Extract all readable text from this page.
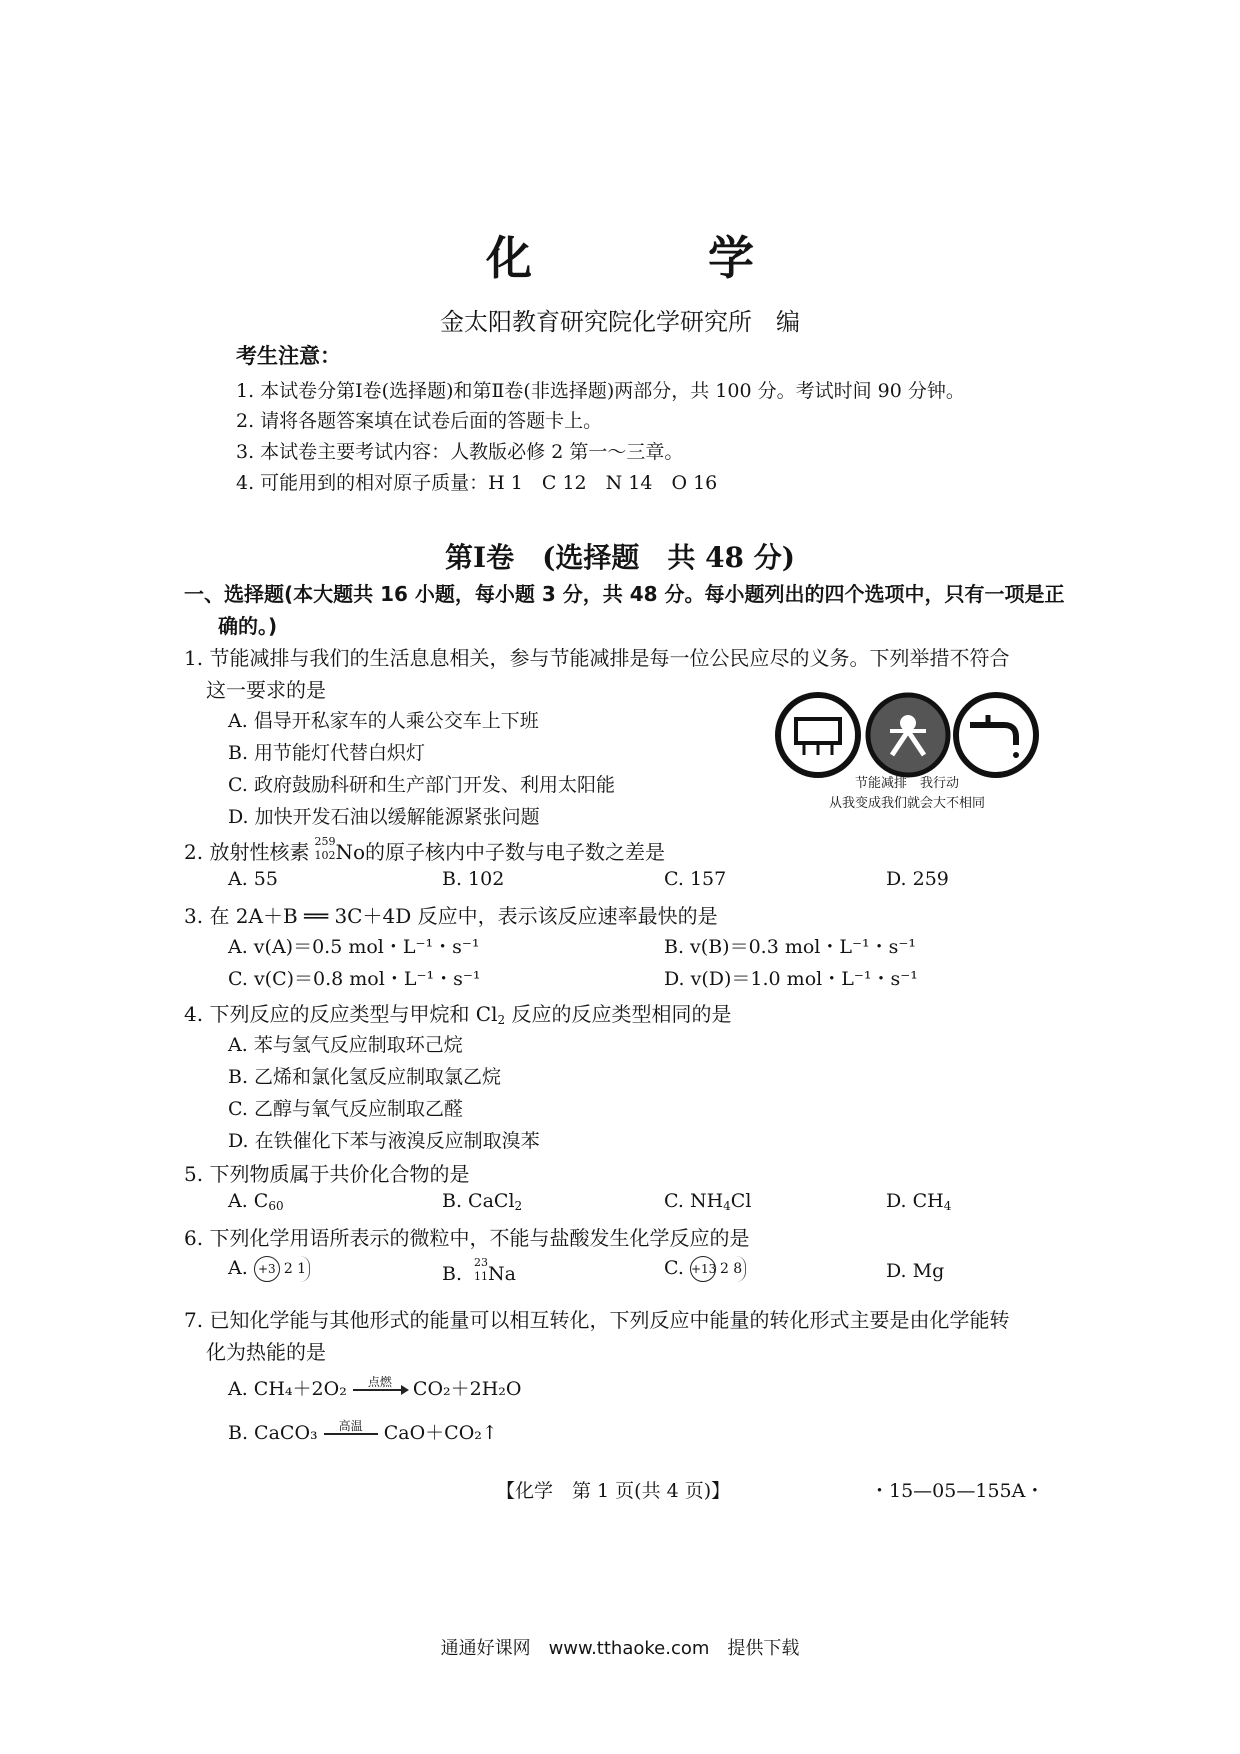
化 学
金太阳教育研究院化学研究所　编
考生注意：
1. 本试卷分第Ⅰ卷(选择题)和第Ⅱ卷(非选择题)两部分，共 100 分。考试时间 90 分钟。
2. 请将各题答案填在试卷后面的答题卡上。
3. 本试卷主要考试内容：人教版必修 2 第一～三章。
4. 可能用到的相对原子质量：H 1　C 12　N 14　O 16
第Ⅰ卷　(选择题　共 48 分)
一、选择题(本大题共 16 小题，每小题 3 分，共 48 分。每小题列出的四个选项中，只有一项是正
确的。)
1. 节能减排与我们的生活息息相关，参与节能减排是每一位公民应尽的义务。下列举措不符合
这一要求的是
A. 倡导开私家车的人乘公交车上下班
B. 用节能灯代替白炽灯
C. 政府鼓励科研和生产部门开发、利用太阳能
D. 加快开发石油以缓解能源紧张问题
节能减排　我行动
从我变成我们就会大不相同
2. 放射性核素 259
102 No的原子核内中子数与电子数之差是
A. 55	B. 102	C. 157	D. 259
3. 在 2A＋B ══ 3C＋4D 反应中，表示该反应速率最快的是
A. v(A)＝0.5 mol・L⁻¹・s⁻¹	B. v(B)＝0.3 mol・L⁻¹・s⁻¹
C. v(C)＝0.8 mol・L⁻¹・s⁻¹	D. v(D)＝1.0 mol・L⁻¹・s⁻¹
4. 下列反应的反应类型与甲烷和 $Cl_2$ 反应的反应类型相同的是
A. 苯与氢气反应制取环己烷
B. 乙烯和氯化氢反应制取氯乙烷
C. 乙醇与氧气反应制取乙醛
D. 在铁催化下苯与液溴反应制取溴苯
5. 下列物质属于共价化合物的是
A. $C_{60}$	B. CaCl$_2$	C. $NH_4Cl$	D. $CH_4$
6. 下列化学用语所表示的微粒中，不能与盐酸发生化学反应的是
A. +3 2 1	B.
23
11 Na	C. +13 2 8	D. Mg
7. 已知化学能与其他形式的能量可以相互转化，下列反应中能量的转化形式主要是由化学能转
化为热能的是
A. CH₄＋2O₂	点燃
	CO₂＋2H₂O
B. CaCO₃	高温
	CaO＋CO₂↑
【化学　第 1 页(共 4 页)】	・15—05—155A・
通通好课网　www.tthaoke.com　提供下载
